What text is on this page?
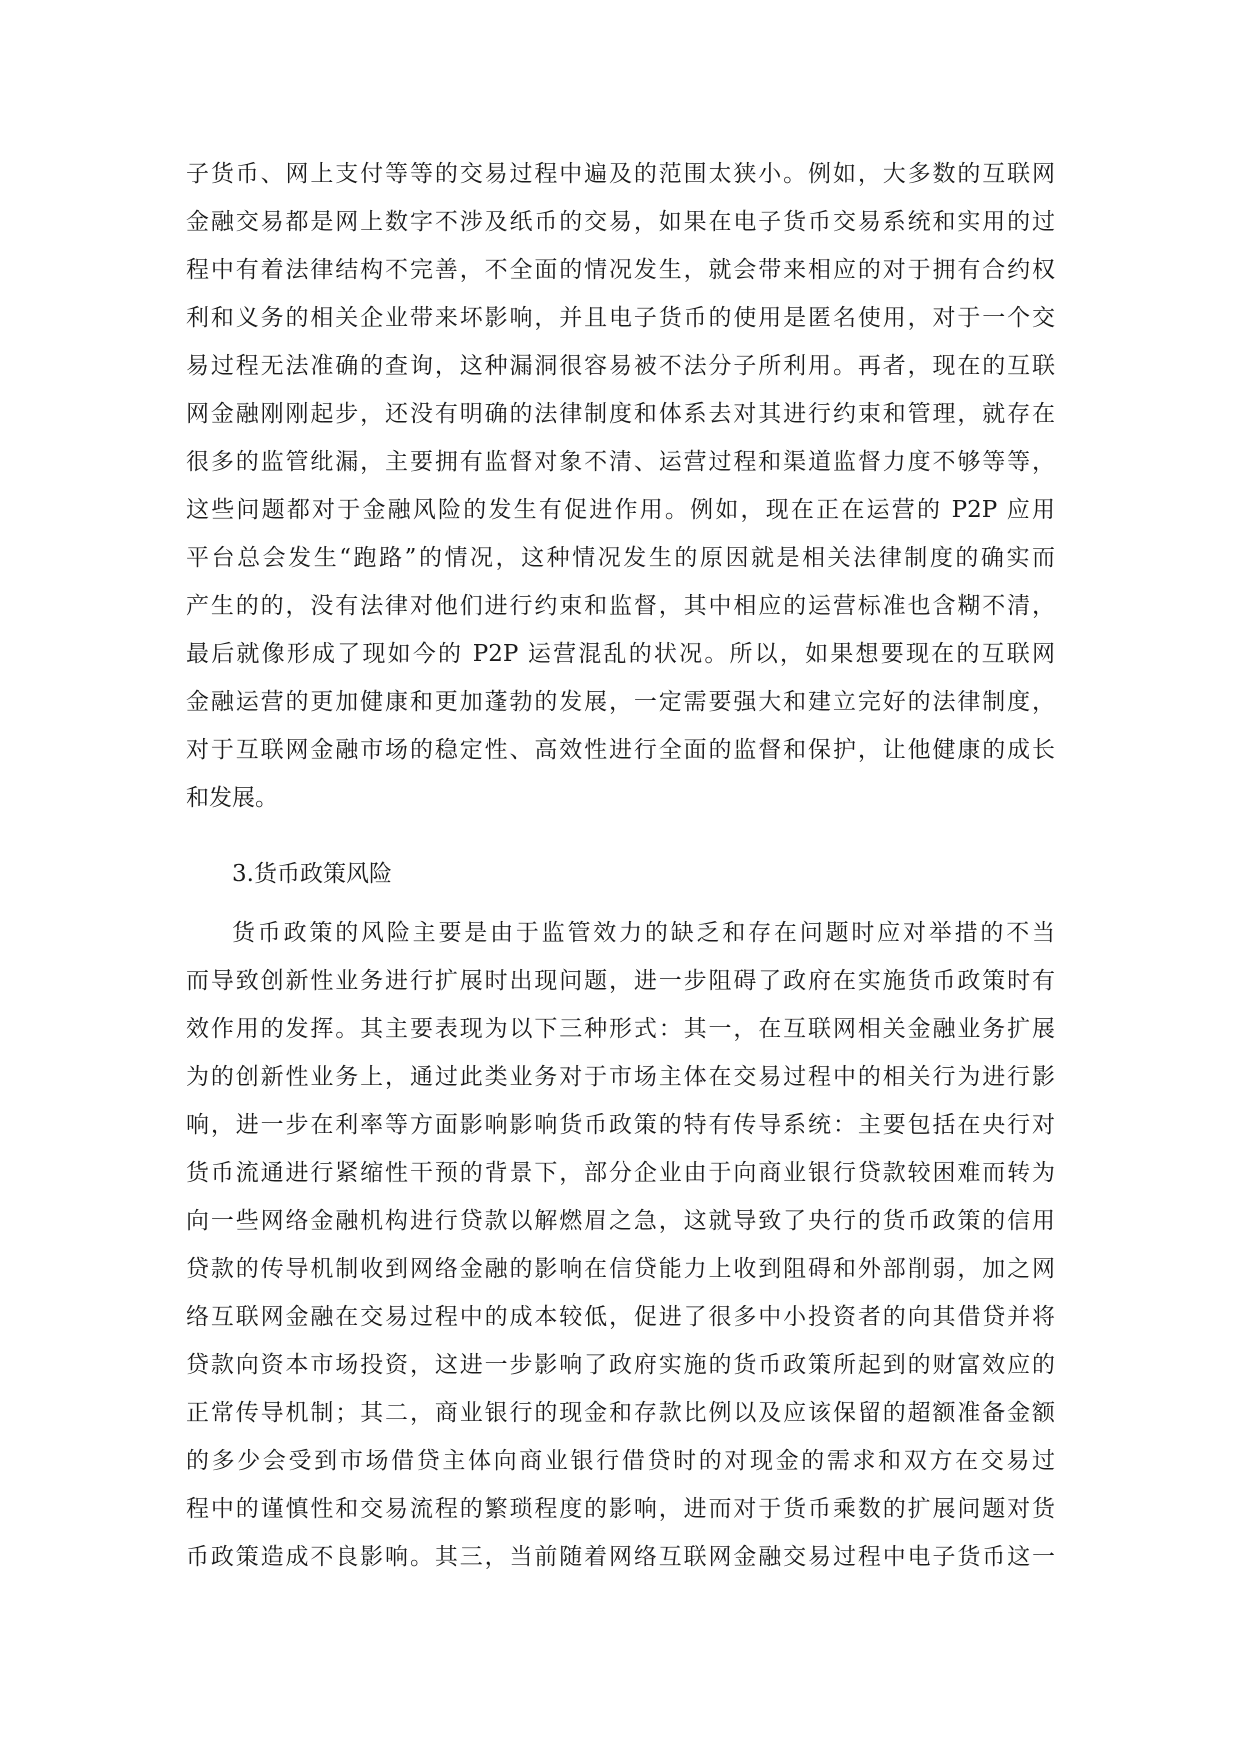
子货币、网上支付等等的交易过程中遍及的范围太狭小。例如，大多数的互联网
金融交易都是网上数字不涉及纸币的交易，如果在电子货币交易系统和实用的过
程中有着法律结构不完善，不全面的情况发生，就会带来相应的对于拥有合约权
利和义务的相关企业带来坏影响，并且电子货币的使用是匿名使用，对于一个交
易过程无法准确的查询，这种漏洞很容易被不法分子所利用。再者，现在的互联
网金融刚刚起步，还没有明确的法律制度和体系去对其进行约束和管理，就存在
很多的监管纰漏，主要拥有监督对象不清、运营过程和渠道监督力度不够等等，
这些问题都对于金融风险的发生有促进作用。例如，现在正在运营的 P2P 应用
平台总会发生“跑路”的情况，这种情况发生的原因就是相关法律制度的确实而
产生的的，没有法律对他们进行约束和监督，其中相应的运营标准也含糊不清，
最后就像形成了现如今的 P2P 运营混乱的状况。所以，如果想要现在的互联网
金融运营的更加健康和更加蓬勃的发展，一定需要强大和建立完好的法律制度，
对于互联网金融市场的稳定性、高效性进行全面的监督和保护，让他健康的成长
和发展。
3.货币政策风险
货币政策的风险主要是由于监管效力的缺乏和存在问题时应对举措的不当
而导致创新性业务进行扩展时出现问题，进一步阻碍了政府在实施货币政策时有
效作用的发挥。其主要表现为以下三种形式：其一，在互联网相关金融业务扩展
为的创新性业务上，通过此类业务对于市场主体在交易过程中的相关行为进行影
响，进一步在利率等方面影响影响货币政策的特有传导系统：主要包括在央行对
货币流通进行紧缩性干预的背景下，部分企业由于向商业银行贷款较困难而转为
向一些网络金融机构进行贷款以解燃眉之急，这就导致了央行的货币政策的信用
贷款的传导机制收到网络金融的影响在信贷能力上收到阻碍和外部削弱，加之网
络互联网金融在交易过程中的成本较低，促进了很多中小投资者的向其借贷并将
贷款向资本市场投资，这进一步影响了政府实施的货币政策所起到的财富效应的
正常传导机制；其二，商业银行的现金和存款比例以及应该保留的超额准备金额
的多少会受到市场借贷主体向商业银行借贷时的对现金的需求和双方在交易过
程中的谨慎性和交易流程的繁琐程度的影响，进而对于货币乘数的扩展问题对货
币政策造成不良影响。其三，当前随着网络互联网金融交易过程中电子货币这一
